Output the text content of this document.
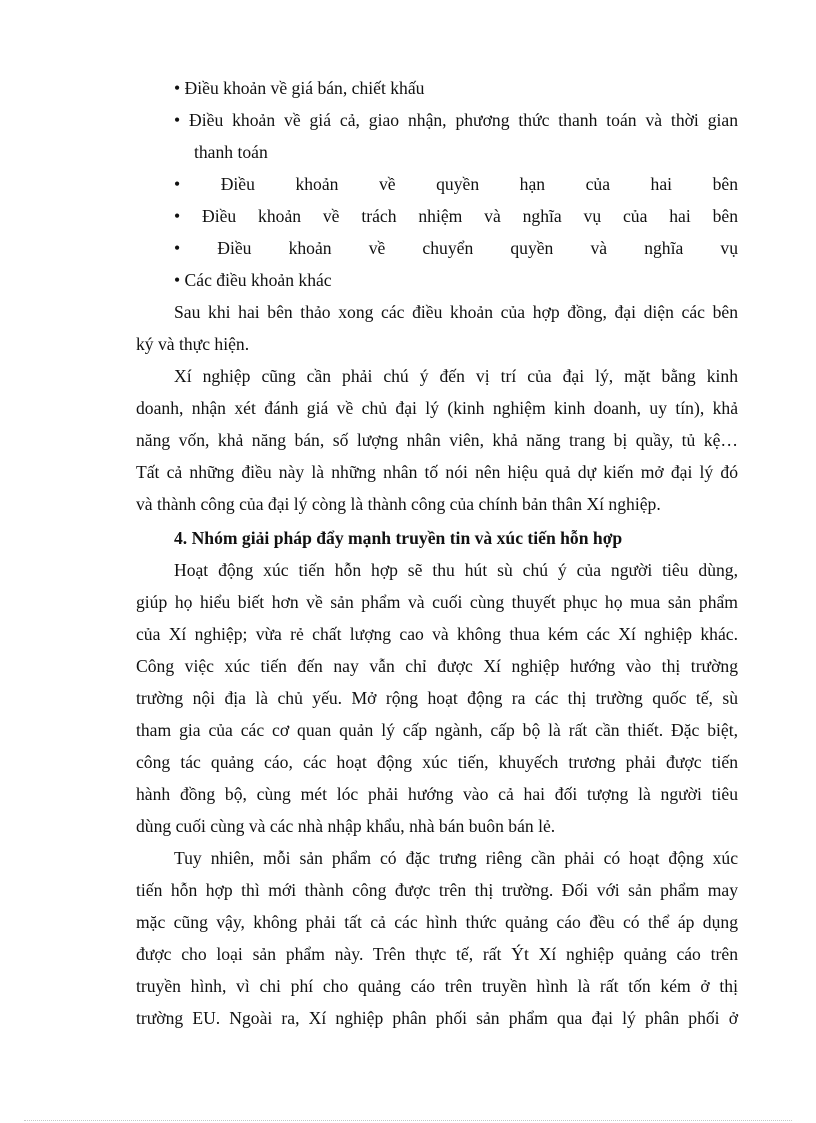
• Điều khoản về giá bán, chiết khấu
• Điều khoản về giá cả, giao nhận, phương thức thanh toán và thời gian
thanh toán
• Điều khoản về quyền hạn của hai bên
• Điều khoản về trách nhiệm và nghĩa vụ của hai bên
• Điều khoản về chuyển quyền và nghĩa vụ
• Các điều khoản khác
Sau khi hai bên thảo xong các điều khoản của hợp đồng, đại diện các bên
ký và thực hiện.
Xí nghiệp cũng cần phải chú ý đến vị trí của đại lý, mặt bằng kinh
doanh, nhận xét đánh giá về chủ đại lý (kinh nghiệm kinh doanh, uy tín), khả
năng vốn, khả năng bán, số lượng nhân viên, khả năng trang bị quầy, tủ kệ…
Tất cả những điều này là những nhân tố nói nên hiệu quả dự kiến mở đại lý đó
và thành công của đại lý còng là thành công của chính bản thân Xí nghiệp.
4. Nhóm giải pháp đẩy mạnh truyền tin và xúc tiến hỗn hợp
Hoạt động xúc tiến hỗn hợp sẽ thu hút sù chú ý của người tiêu dùng,
giúp họ hiểu biết hơn về sản phẩm và cuối cùng thuyết phục họ mua sản phẩm
của Xí nghiệp; vừa rẻ chất lượng cao và không thua kém các Xí nghiệp khác.
Công việc xúc tiến đến nay vẫn chỉ được Xí nghiệp hướng vào thị trường
trường nội địa là chủ yếu. Mở rộng hoạt động ra các thị trường quốc tế, sù
tham gia của các cơ quan quản lý cấp ngành, cấp bộ là rất cần thiết. Đặc biệt,
công tác quảng cáo, các hoạt động xúc tiến, khuyếch trương phải được tiến
hành đồng bộ, cùng mét lóc phải hướng vào cả hai đối tượng là người tiêu
dùng cuối cùng và các nhà nhập khẩu, nhà bán buôn bán lẻ.
Tuy nhiên, mỗi sản phẩm có đặc trưng riêng cần phải có hoạt động xúc
tiến hỗn hợp thì mới thành công được trên thị trường. Đối với sản phẩm may
mặc cũng vậy, không phải tất cả các hình thức quảng cáo đều có thể áp dụng
được cho loại sản phẩm này. Trên thực tế, rất Ýt Xí nghiệp quảng cáo trên
truyền hình, vì chi phí cho quảng cáo trên truyền hình là rất tốn kém ở thị
trường EU. Ngoài ra, Xí nghiệp phân phối sản phẩm qua đại lý phân phối ở
